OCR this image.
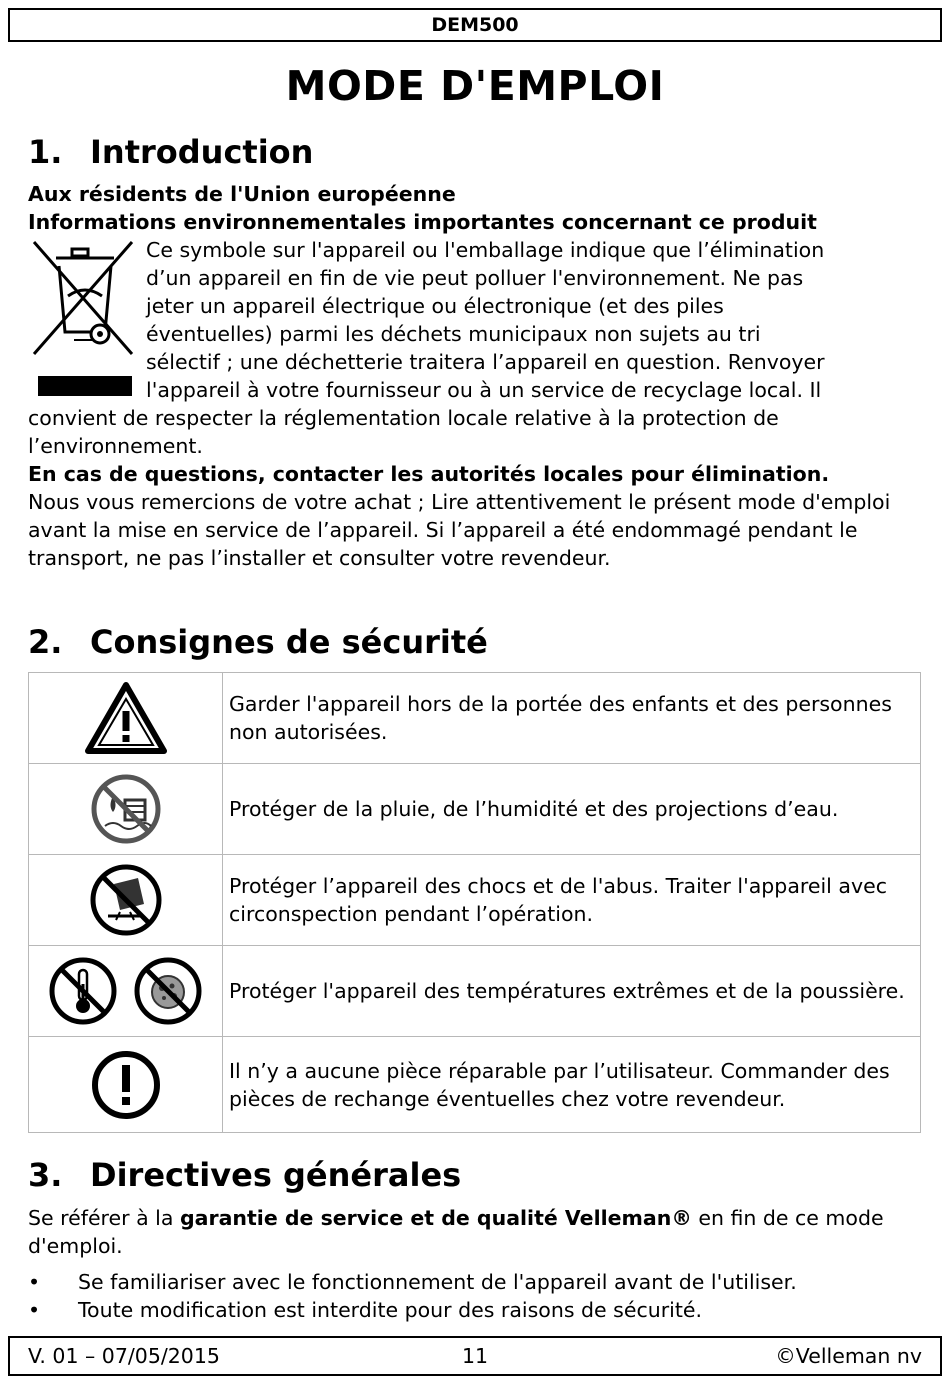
DEM500
MODE D'EMPLOI
1. Introduction
Aux résidents de l'Union européenne
Informations environnementales importantes concernant ce produit
Ce symbole sur l'appareil ou l'emballage indique que l’élimination
d’un appareil en fin de vie peut polluer l'environnement. Ne pas
jeter un appareil électrique ou électronique (et des piles
éventuelles) parmi les déchets municipaux non sujets au tri
sélectif ; une déchetterie traitera l’appareil en question. Renvoyer
l'appareil à votre fournisseur ou à un service de recyclage local. Il
convient de respecter la réglementation locale relative à la protection de
l’environnement.
En cas de questions, contacter les autorités locales pour élimination.
Nous vous remercions de votre achat ; Lire attentivement le présent mode d'emploi avant la mise en service de l’appareil. Si l’appareil a été endommagé pendant le transport, ne pas l’installer et consulter votre revendeur.
2. Consignes de sécurité
	Garder l'appareil hors de la portée des enfants et des personnes non autorisées.
	Protéger de la pluie, de l’humidité et des projections d’eau.
	Protéger l’appareil des chocs et de l'abus. Traiter l'appareil avec circonspection pendant l’opération.
	Protéger l'appareil des températures extrêmes et de la poussière.
	Il n’y a aucune pièce réparable par l’utilisateur. Commander des pièces de rechange éventuelles chez votre revendeur.
3. Directives générales
Se référer à la garantie de service et de qualité Velleman® en fin de ce mode d'emploi.
• Se familiariser avec le fonctionnement de l'appareil avant de l'utiliser.
• Toute modification est interdite pour des raisons de sécurité.
V. 01 – 07/05/2015	11	©Velleman nv
